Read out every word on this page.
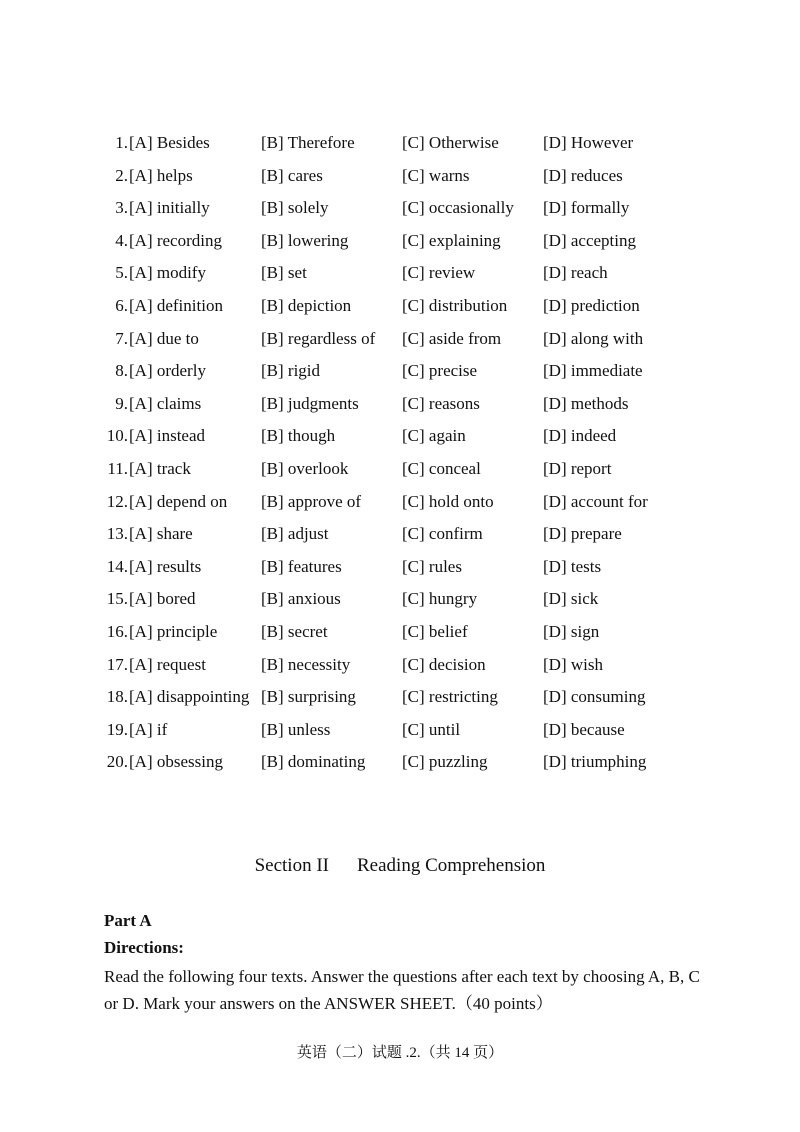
1. [A] Besides	[B] Therefore	[C] Otherwise	[D] However
2. [A] helps	[B] cares	[C] warns	[D] reduces
3. [A] initially	[B] solely	[C] occasionally [D] formally
4. [A] recording [B] lowering	[C] explaining [D] accepting
5. [A] modify	[B] set	[C] review	[D] reach
6. [A] definition [B] depiction	[C] distribution [D] prediction
7. [A] due to	[B] regardless of [C] aside from [D] along with
8. [A] orderly	[B] rigid	[C] precise	[D] immediate
9. [A] claims	[B] judgments	[C] reasons	[D] methods
10. [A] instead	[B] though	[C] again	[D] indeed
11. [A] track	[B] overlook	[C] conceal	[D] report
12. [A] depend on [B] approve of [C] hold onto	[D] account for
13. [A] share	[B] adjust	[C] confirm	[D] prepare
14. [A] results	[B] features	[C] rules	[D] tests
15. [A] bored	[B] anxious	[C] hungry	[D] sick
16. [A] principle	[B] secret	[C] belief	[D] sign
17. [A] request	[B] necessity	[C] decision	[D] wish
18. [A] disappointing [B] surprising	[C] restricting	[D] consuming
19. [A] if	[B] unless	[C] until	[D] because
20. [A] obsessing [B] dominating [C] puzzling	[D] triumphing
Section II Reading Comprehension
Part A
Directions:
Read the following four texts. Answer the questions after each text by choosing A, B, C or D. Mark your answers on the ANSWER SHEET.（40 points）
英语（二）试题 .2.（共 14 页）
